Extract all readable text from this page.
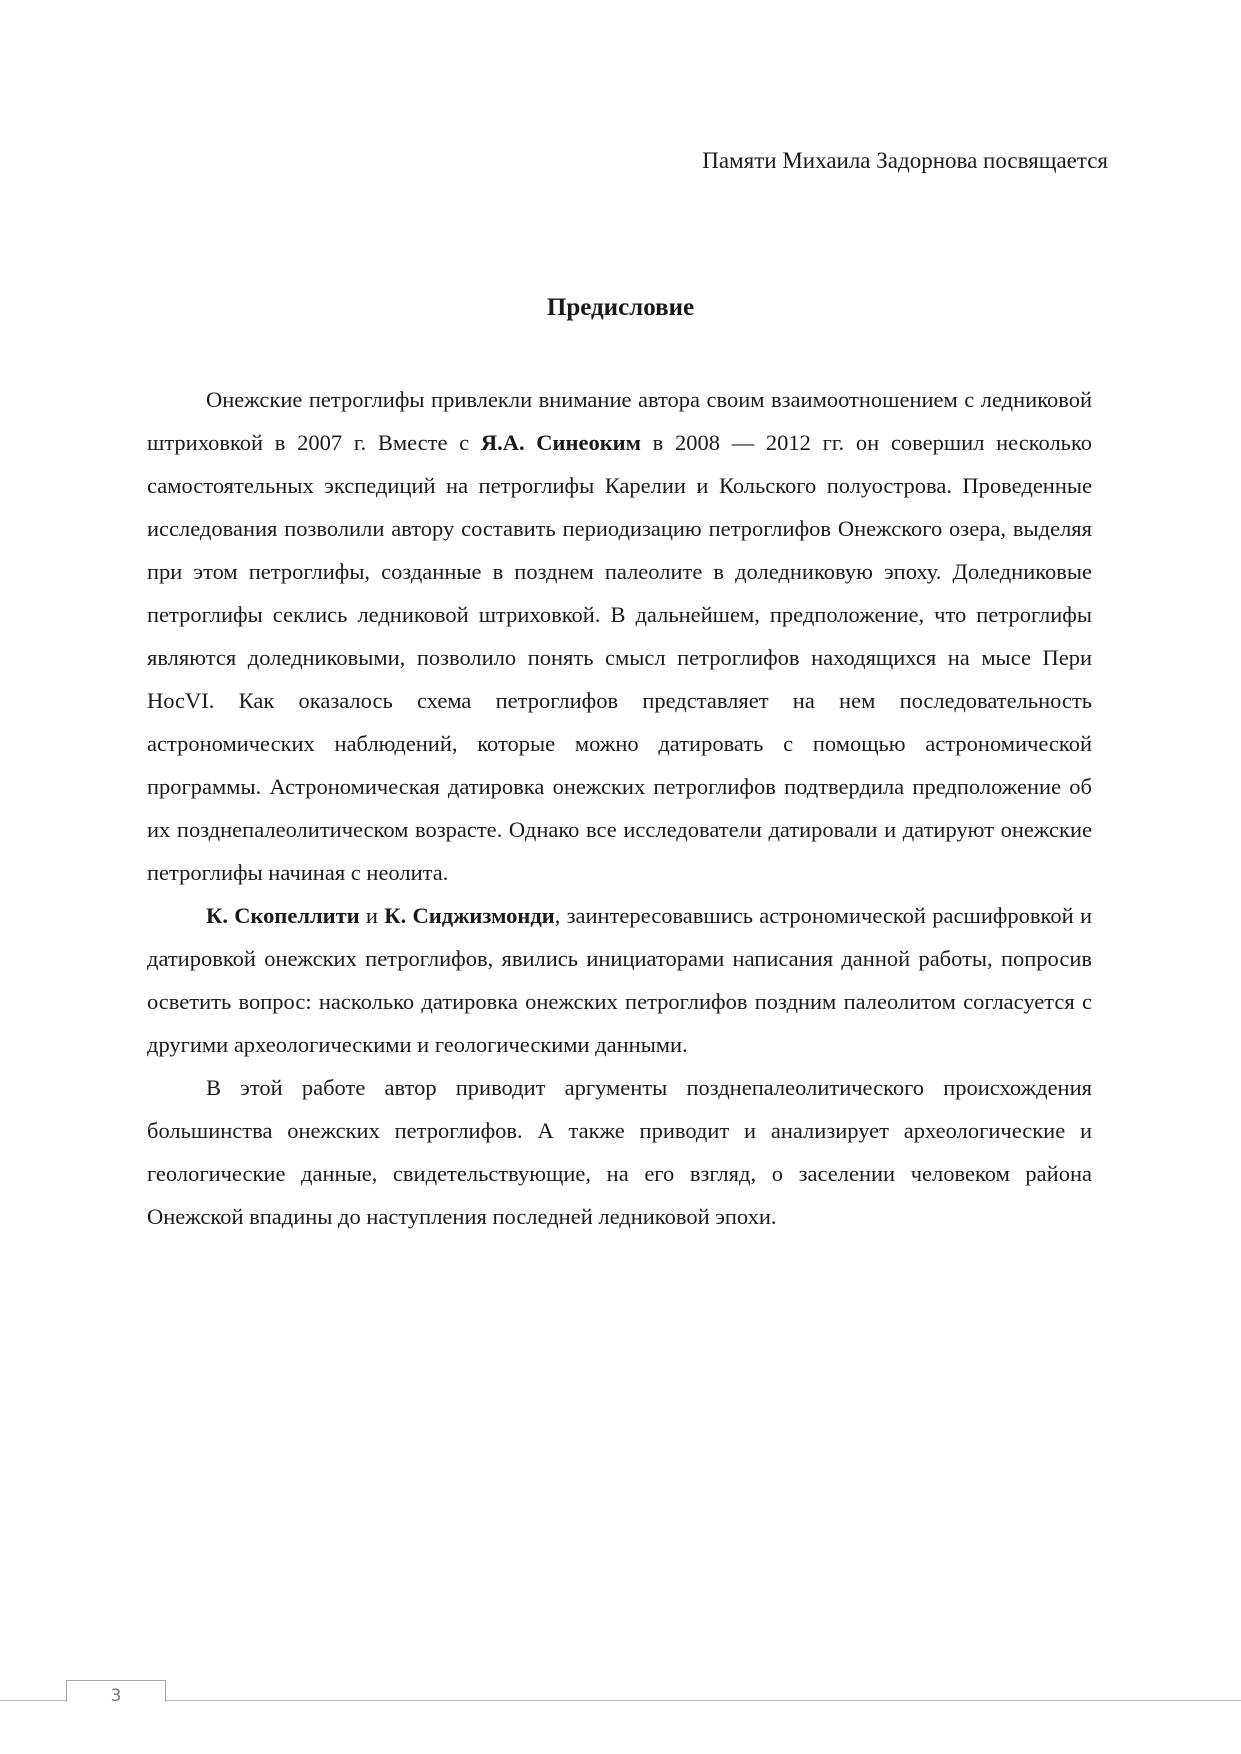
Памяти Михаила Задорнова посвящается
Предисловие

Онежские петроглифы привлекли внимание автора своим взаимоотношением с ледниковой штриховкой в 2007 г. Вместе с Я.А. Синеоким в 2008 — 2012 гг. он совершил несколько самостоятельных экспедиций на петроглифы Карелии и Кольского полуострова. Проведенные исследования позволили автору составить периодизацию петроглифов Онежского озера, выделяя при этом петроглифы, созданные в позднем палеолите в доледниковую эпоху. Доледниковые петроглифы секлись ледниковой штриховкой. В дальнейшем, предположение, что петроглифы являются доледниковыми, позволило понять смысл петроглифов находящихся на мысе Пери НосVI. Как оказалось схема петроглифов представляет на нем последовательность астрономических наблюдений, которые можно датировать с помощью астрономической программы. Астрономическая датировка онежских петроглифов подтвердила предположение об их позднепалеолитическом возрасте. Однако все исследователи датировали и датируют онежские петроглифы начиная с неолита.

К. Скопеллити и К. Сиджизмонди, заинтересовавшись астрономической расшифровкой и датировкой онежских петроглифов, явились инициаторами написания данной работы, попросив осветить вопрос: насколько датировка онежских петроглифов поздним палеолитом согласуется с другими археологическими и геологическими данными.

В этой работе автор приводит аргументы позднепалеолитического происхождения большинства онежских петроглифов. А также приводит и анализирует археологические и геологические данные, свидетельствующие, на его взгляд, о заселении человеком района Онежской впадины до наступления последней ледниковой эпохи.

3
